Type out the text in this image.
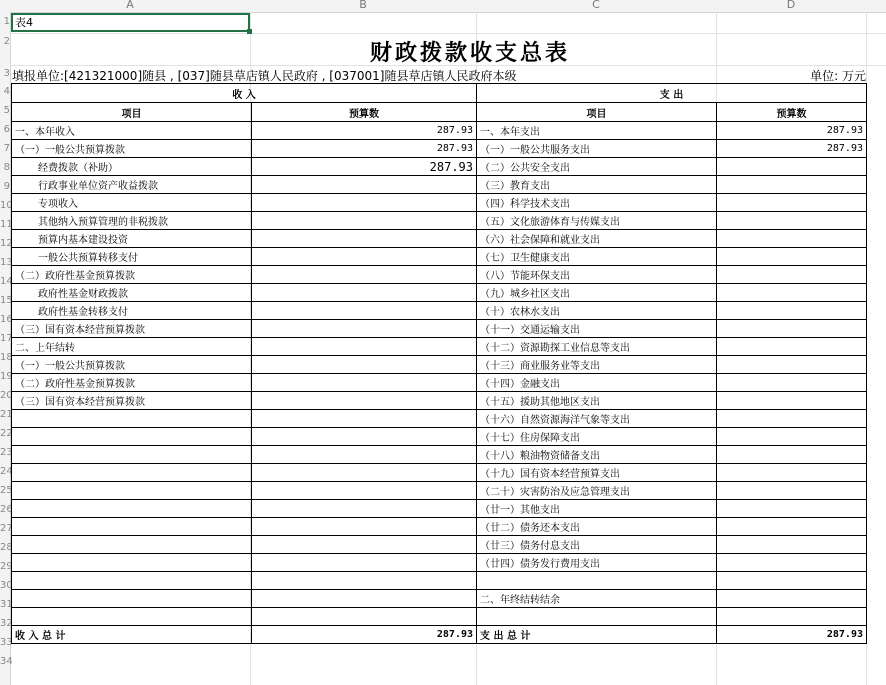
A	B	C	D
1
2
3
4
5
6
7
8
9
10
11
12
13
14
15
16
17
18
19
20
21
22
23
24
25
26
27
28
29
30
31
32
33
34
表4
财政拨款收支总表
填报单位:[421321000]随县 , [037]随县草店镇人民政府 , [037001]随县草店镇人民政府本级	单位: 万元
收 入		支 出	
项目	预算数	项目	预算数
一、本年收入	287.93	一、本年支出	287.93
（一）一般公共预算拨款	287.93	（一）一般公共服务支出	287.93
经费拨款（补助）	287.93	（二）公共安全支出	
行政事业单位资产收益拨款		（三）教育支出	
专项收入		（四）科学技术支出	
其他纳入预算管理的非税拨款		（五）文化旅游体育与传媒支出	
预算内基本建设投资		（六）社会保障和就业支出	
一般公共预算转移支付		（七）卫生健康支出	
（二）政府性基金预算拨款		（八）节能环保支出	
政府性基金财政拨款		（九）城乡社区支出	
政府性基金转移支付		（十）农林水支出	
（三）国有资本经营预算拨款		（十一）交通运输支出	
二、上年结转		（十二）资源勘探工业信息等支出	
（一）一般公共预算拨款		（十三）商业服务业等支出	
（二）政府性基金预算拨款		（十四）金融支出	
（三）国有资本经营预算拨款		（十五）援助其他地区支出	
		（十六）自然资源海洋气象等支出	
		（十七）住房保障支出	
		（十八）粮油物资储备支出	
		（十九）国有资本经营预算支出	
		（二十）灾害防治及应急管理支出	
		（廿一）其他支出	
		（廿二）债务还本支出	
		（廿三）债务付息支出	
		（廿四）债务发行费用支出	

		二、年终结转结余	

收 入 总 计	287.93	支 出 总 计	287.93
